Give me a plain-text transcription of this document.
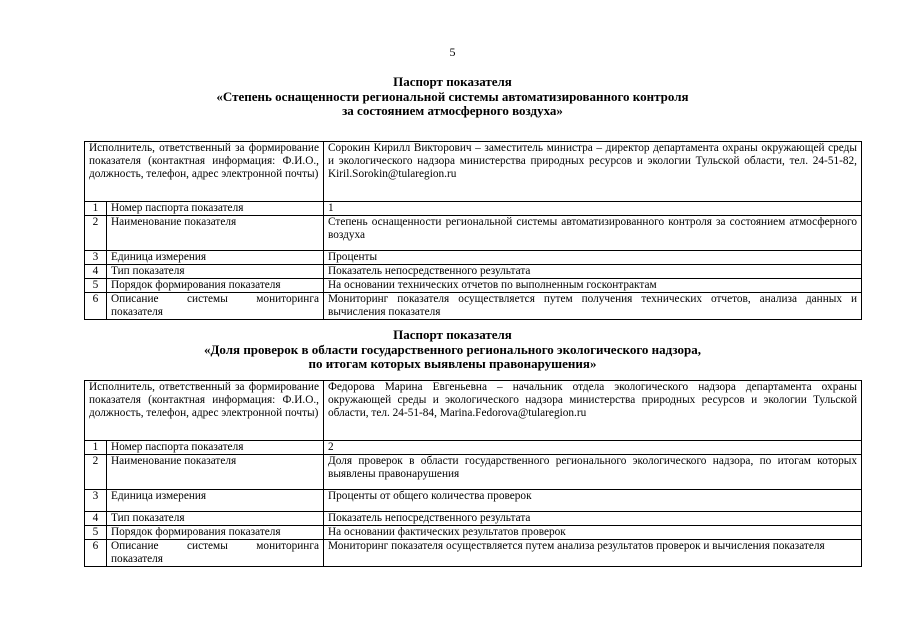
5
Паспорт показателя
«Степень оснащенности региональной системы автоматизированного контроля
за состоянием атмосферного воздуха»
Исполнитель, ответственный за формирование показателя (контактная информация: Ф.И.О., должность, телефон, адрес электронной почты)		Сорокин Кирилл Викторович – заместитель министра – директор департамента охраны окружающей среды и экологического надзора министерства природных ресурсов и экологии Тульской области, тел. 24-51-82, Kiril.Sorokin@tularegion.ru
1	Номер паспорта показателя	1
2	Наименование показателя	Степень оснащенности региональной системы автоматизированного контроля за состоянием атмосферного воздуха
3	Единица измерения	Проценты
4	Тип показателя	Показатель непосредственного результата
5	Порядок формирования показателя	На основании технических отчетов по выполненным госконтрактам
6	Описание системы мониторинга показателя	Мониторинг показателя осуществляется путем получения технических отчетов, анализа данных и вычисления показателя
Паспорт показателя
«Доля проверок в области государственного регионального экологического надзора,
по итогам которых выявлены правонарушения»
Исполнитель, ответственный за формирование показателя (контактная информация: Ф.И.О., должность, телефон, адрес электронной почты)		Федорова Марина Евгеньевна – начальник отдела экологического надзора департамента охраны окружающей среды и экологического надзора министерства природных ресурсов и экологии Тульской области, тел. 24-51-84, Marina.Fedorova@tularegion.ru
1	Номер паспорта показателя	2
2	Наименование показателя	Доля проверок в области государственного регионального экологического надзора, по итогам которых выявлены правонарушения
3	Единица измерения	Проценты от общего количества проверок
4	Тип показателя	Показатель непосредственного результата
5	Порядок формирования показателя	На основании фактических результатов проверок
6	Описание системы мониторинга показателя	Мониторинг показателя осуществляется путем анализа результатов проверок и вычисления показателя
